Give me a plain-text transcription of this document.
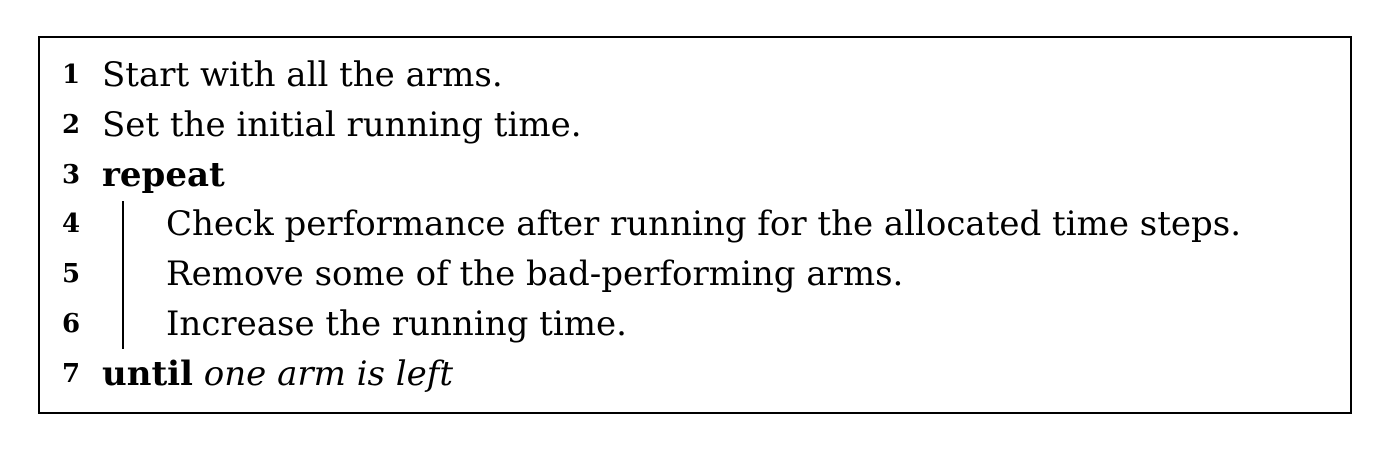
1 Start with all the arms.
2 Set the initial running time.
3 repeat
4	Check performance after running for the allocated time steps.
5	Remove some of the bad-performing arms.
6	Increase the running time.
7 until one arm is left
